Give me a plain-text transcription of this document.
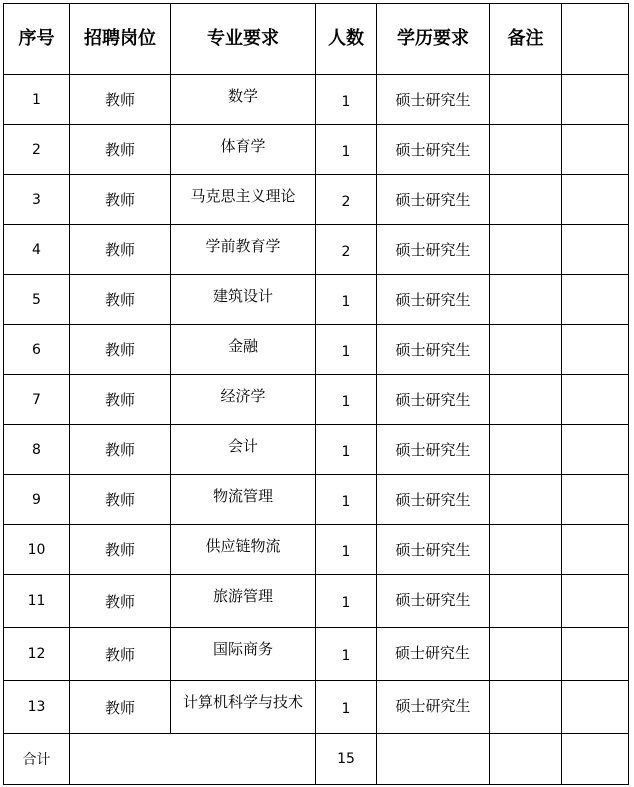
序号	招聘岗位	专业要求	人数	学历要求	备注	
1	教师	数学	1	硕士研究生		
2	教师	体育学	1	硕士研究生		
3	教师	马克思主义理论	2	硕士研究生		
4	教师	学前教育学	2	硕士研究生		
5	教师	建筑设计	1	硕士研究生		
6	教师	金融	1	硕士研究生		
7	教师	经济学	1	硕士研究生		
8	教师	会计	1	硕士研究生		
9	教师	物流管理	1	硕士研究生		
10	教师	供应链物流	1	硕士研究生		
11	教师	旅游管理	1	硕士研究生		
12	教师	国际商务	1	硕士研究生		
13	教师	计算机科学与技术	1	硕士研究生		
合计			15			
